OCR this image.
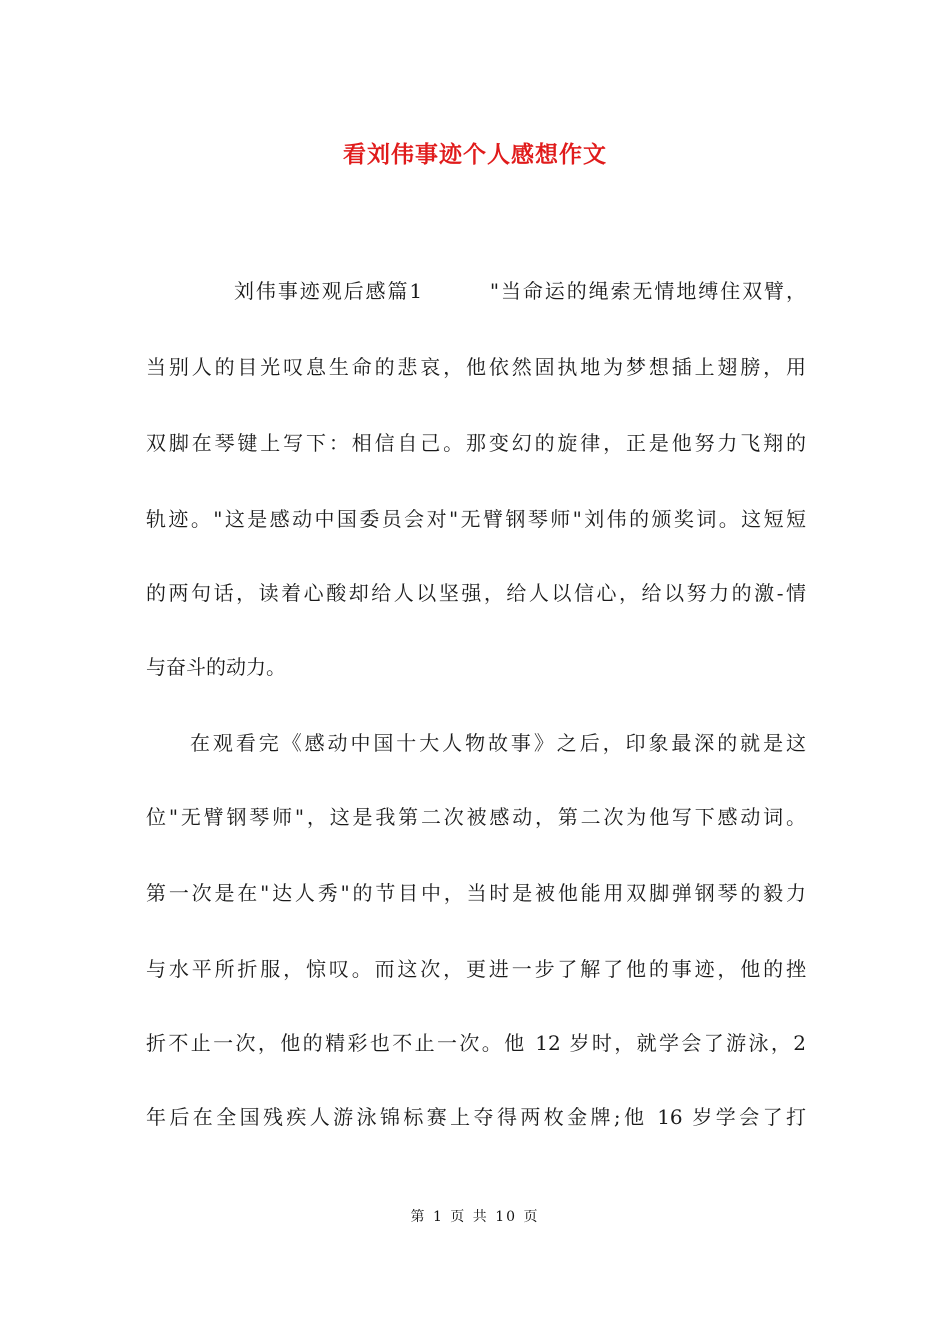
看刘伟事迹个人感想作文
刘伟事迹观后感篇1　　　"当命运的绳索无情地缚住双臂，
当别人的目光叹息生命的悲哀，他依然固执地为梦想插上翅膀，用
双脚在琴键上写下：相信自己。那变幻的旋律，正是他努力飞翔的
轨迹。"这是感动中国委员会对"无臂钢琴师"刘伟的颁奖词。这短短
的两句话，读着心酸却给人以坚强，给人以信心，给以努力的激-情
与奋斗的动力。
在观看完《感动中国十大人物故事》之后，印象最深的就是这
位"无臂钢琴师"，这是我第二次被感动，第二次为他写下感动词。
第一次是在"达人秀"的节目中，当时是被他能用双脚弹钢琴的毅力
与水平所折服，惊叹。而这次，更进一步了解了他的事迹，他的挫
折不止一次，他的精彩也不止一次。他 12 岁时，就学会了游泳，2
年后在全国残疾人游泳锦标赛上夺得两枚金牌;他 16 岁学会了打
第 1 页 共 10 页
